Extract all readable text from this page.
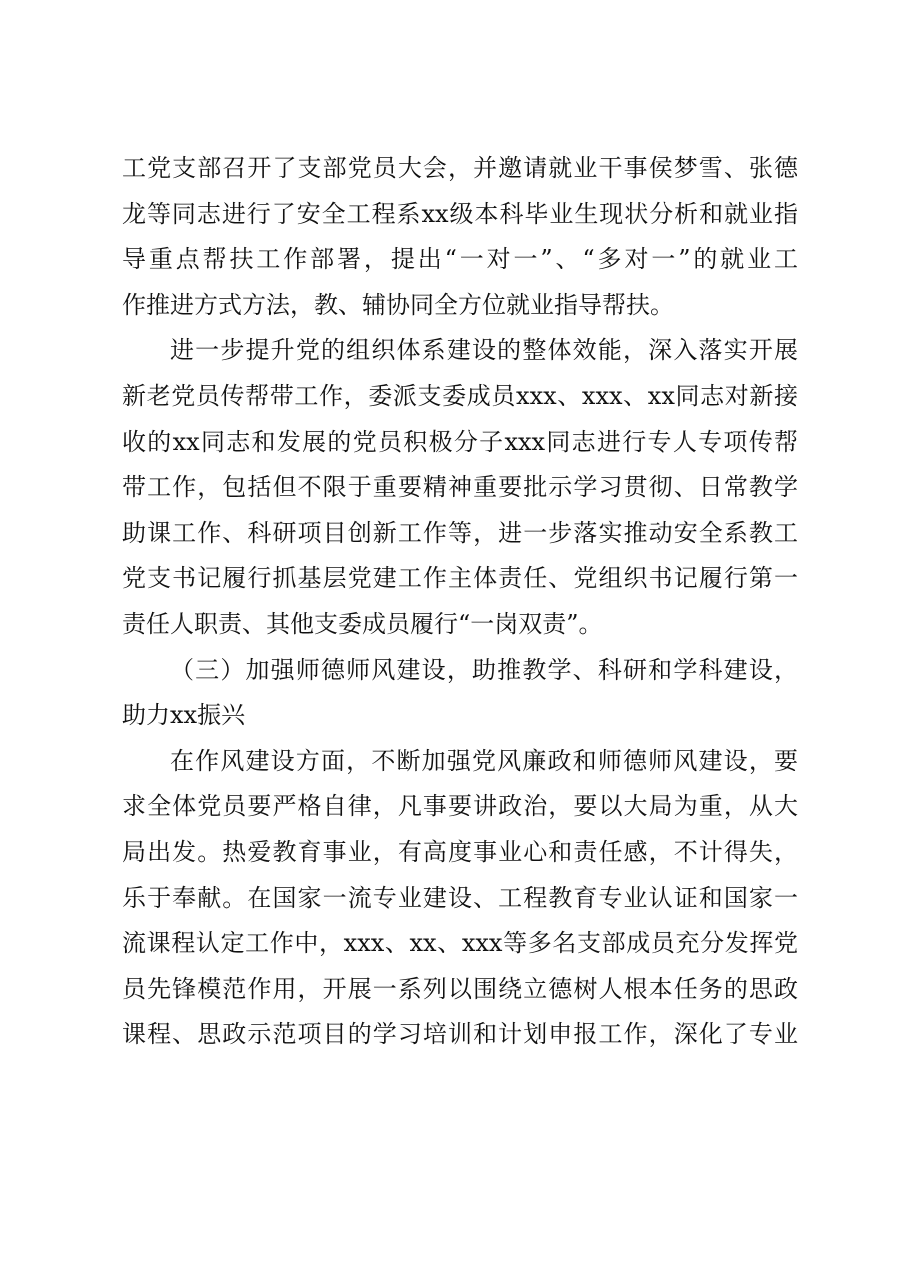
工党支部召开了支部党员大会，并邀请就业干事侯梦雪、张德
龙等同志进行了安全工程系xx级本科毕业生现状分析和就业指
导重点帮扶工作部署，提出“一对一”、“多对一”的就业工
作推进方式方法，教、辅协同全方位就业指导帮扶。
进一步提升党的组织体系建设的整体效能，深入落实开展
新老党员传帮带工作，委派支委成员xxx、xxx、xx同志对新接
收的xx同志和发展的党员积极分子xxx同志进行专人专项传帮
带工作，包括但不限于重要精神重要批示学习贯彻、日常教学
助课工作、科研项目创新工作等，进一步落实推动安全系教工
党支书记履行抓基层党建工作主体责任、党组织书记履行第一
责任人职责、其他支委成员履行“一岗双责”。
（三）加强师德师风建设，助推教学、科研和学科建设，
助力xx振兴
在作风建设方面，不断加强党风廉政和师德师风建设，要
求全体党员要严格自律，凡事要讲政治，要以大局为重，从大
局出发。热爱教育事业，有高度事业心和责任感，不计得失，
乐于奉献。在国家一流专业建设、工程教育专业认证和国家一
流课程认定工作中，xxx、xx、xxx等多名支部成员充分发挥党
员先锋模范作用，开展一系列以围绕立德树人根本任务的思政
课程、思政示范项目的学习培训和计划申报工作，深化了专业
